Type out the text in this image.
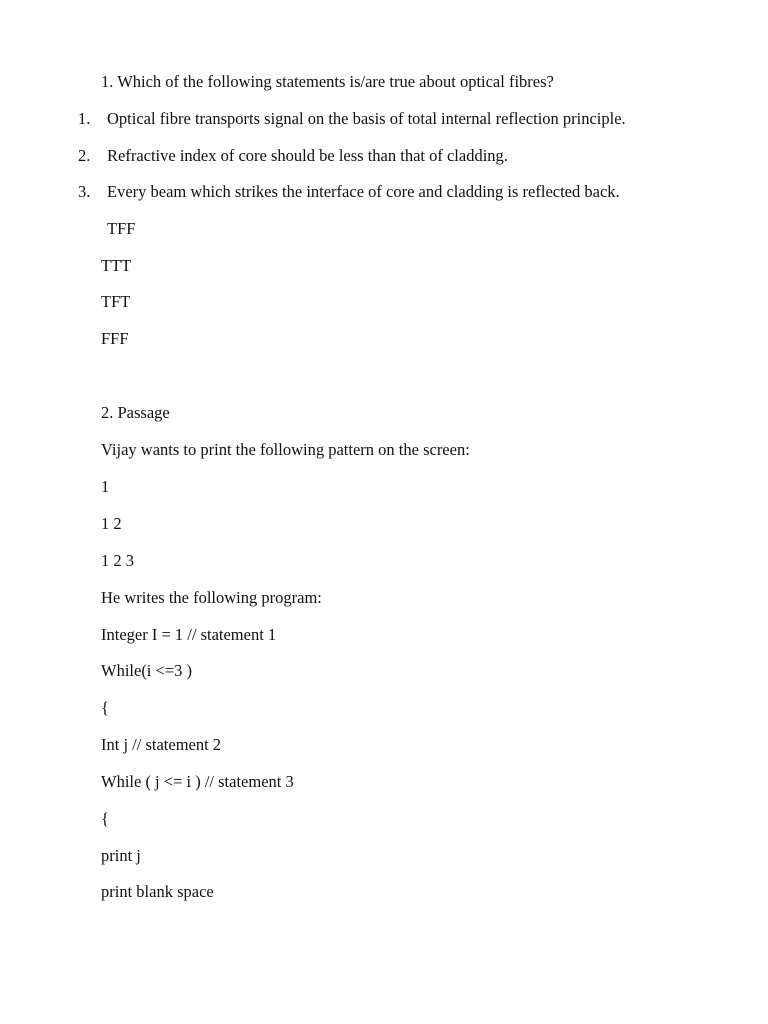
1. Which of the following statements is/are true about optical fibres?
1. Optical fibre transports signal on the basis of total internal reflection principle.
2. Refractive index of core should be less than that of cladding.
3. Every beam which strikes the interface of core and cladding is reflected back.
TFF
TTT
TFT
FFF
2. Passage
Vijay wants to print the following pattern on the screen:
1
1 2
1 2 3
He writes the following program:
Integer I = 1 // statement 1
While(i <=3 )
{
Int j // statement 2
While ( j <= i ) // statement 3
{
print j
print blank space
